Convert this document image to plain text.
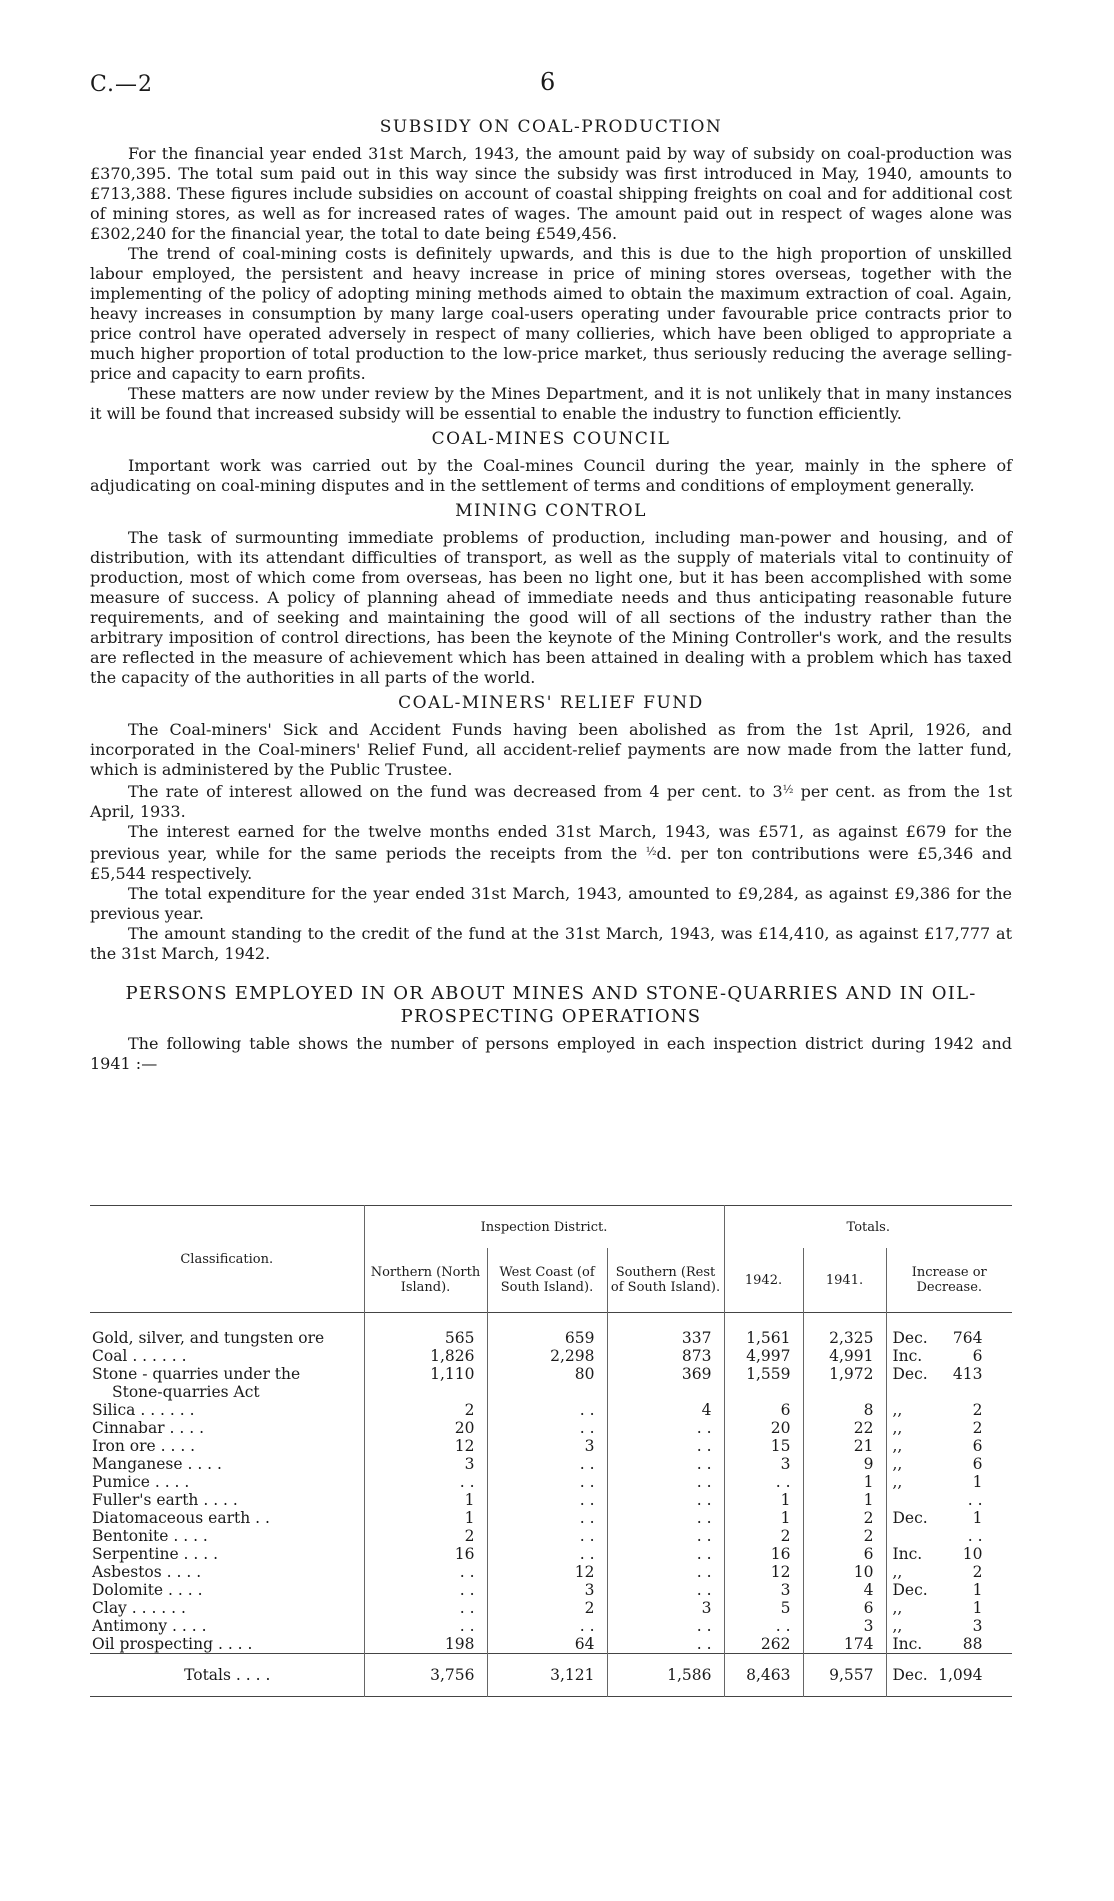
C.—2	6
SUBSIDY ON COAL-PRODUCTION

For the financial year ended 31st March, 1943, the amount paid by way of subsidy on coal-production was £370,395. The total sum paid out in this way since the subsidy was first introduced in May, 1940, amounts to £713,388. These figures include subsidies on account of coastal shipping freights on coal and for additional cost of mining stores, as well as for increased rates of wages. The amount paid out in respect of wages alone was £302,240 for the financial year, the total to date being £549,456.

The trend of coal-mining costs is definitely upwards, and this is due to the high proportion of unskilled labour employed, the persistent and heavy increase in price of mining stores overseas, together with the implementing of the policy of adopting mining methods aimed to obtain the maximum extraction of coal. Again, heavy increases in consumption by many large coal-users operating under favourable price contracts prior to price control have operated adversely in respect of many collieries, which have been obliged to appropriate a much higher proportion of total production to the low-price market, thus seriously reducing the average selling-price and capacity to earn profits.

These matters are now under review by the Mines Department, and it is not unlikely that in many instances it will be found that increased subsidy will be essential to enable the industry to function efficiently.

COAL-MINES COUNCIL

Important work was carried out by the Coal-mines Council during the year, mainly in the sphere of adjudicating on coal-mining disputes and in the settlement of terms and conditions of employment generally.

MINING CONTROL

The task of surmounting immediate problems of production, including man-power and housing, and of distribution, with its attendant difficulties of transport, as well as the supply of materials vital to continuity of production, most of which come from overseas, has been no light one, but it has been accomplished with some measure of success. A policy of planning ahead of immediate needs and thus anticipating reasonable future requirements, and of seeking and maintaining the good will of all sections of the industry rather than the arbitrary imposition of control directions, has been the keynote of the Mining Controller's work, and the results are reflected in the measure of achievement which has been attained in dealing with a problem which has taxed the capacity of the authorities in all parts of the world.

COAL-MINERS' RELIEF FUND

The Coal-miners' Sick and Accident Funds having been abolished as from the 1st April, 1926, and incorporated in the Coal-miners' Relief Fund, all accident-relief payments are now made from the latter fund, which is administered by the Public Trustee.

The rate of interest allowed on the fund was decreased from 4 per cent. to $3^{\frac{1}{2}}$ per cent. as from the 1st April, 1933.

The interest earned for the twelve months ended 31st March, 1943, was £571, as against £679 for the previous year, while for the same periods the receipts from the $^{\frac{1}{2}}$d. per ton contributions were £5,346 and £5,544 respectively.

The total expenditure for the year ended 31st March, 1943, amounted to £9,284, as against £9,386 for the previous year.

The amount standing to the credit of the fund at the 31st March, 1943, was £14,410, as against £17,777 at the 31st March, 1942.

PERSONS EMPLOYED IN OR ABOUT MINES AND STONE-QUARRIES AND IN OIL-PROSPECTING OPERATIONS

The following table shows the number of persons employed in each inspection district during 1942 and 1941 :—

Classification.	Inspection District.			Totals.		
	Northern (North Island).	West Coast (of South Island).	Southern (Rest of South Island).	1942.	1941.	Increase or Decrease.

Gold, silver, and tungsten ore	565	659	337	1,561	2,325	Dec. 764
Coal . . . . . .	1,826	2,298	873	4,997	4,991	Inc. 6
Stone - quarries under the	1,110	80	369	1,559	1,972	Dec. 413
Stone-quarries Act						
Silica . . . . . .	2	. .	4	6	8	,, 2
Cinnabar . . . .	20	. .	. .	20	22	,, 2
Iron ore . . . .	12	3	. .	15	21	,, 6
Manganese . . . .	3	. .	. .	3	9	,, 6
Pumice . . . .	. .	. .	. .	. .	1	,, 1
Fuller's earth . . . .	1	. .	. .	1	1	. .
Diatomaceous earth . .	1	. .	. .	1	2	Dec. 1
Bentonite . . . .	2	. .	. .	2	2	. .
Serpentine . . . .	16	. .	. .	16	6	Inc. 10
Asbestos . . . .	. .	12	. .	12	10	,, 2
Dolomite . . . .	. .	3	. .	3	4	Dec. 1
Clay . . . . . .	. .	2	3	5	6	,, 1
Antimony . . . .	. .	. .	. .	. .	3	,, 3
Oil prospecting . . . .	198	64	. .	262	174	Inc. 88
Totals . . . .	3,756	3,121	1,586	8,463	9,557	Dec. 1,094
